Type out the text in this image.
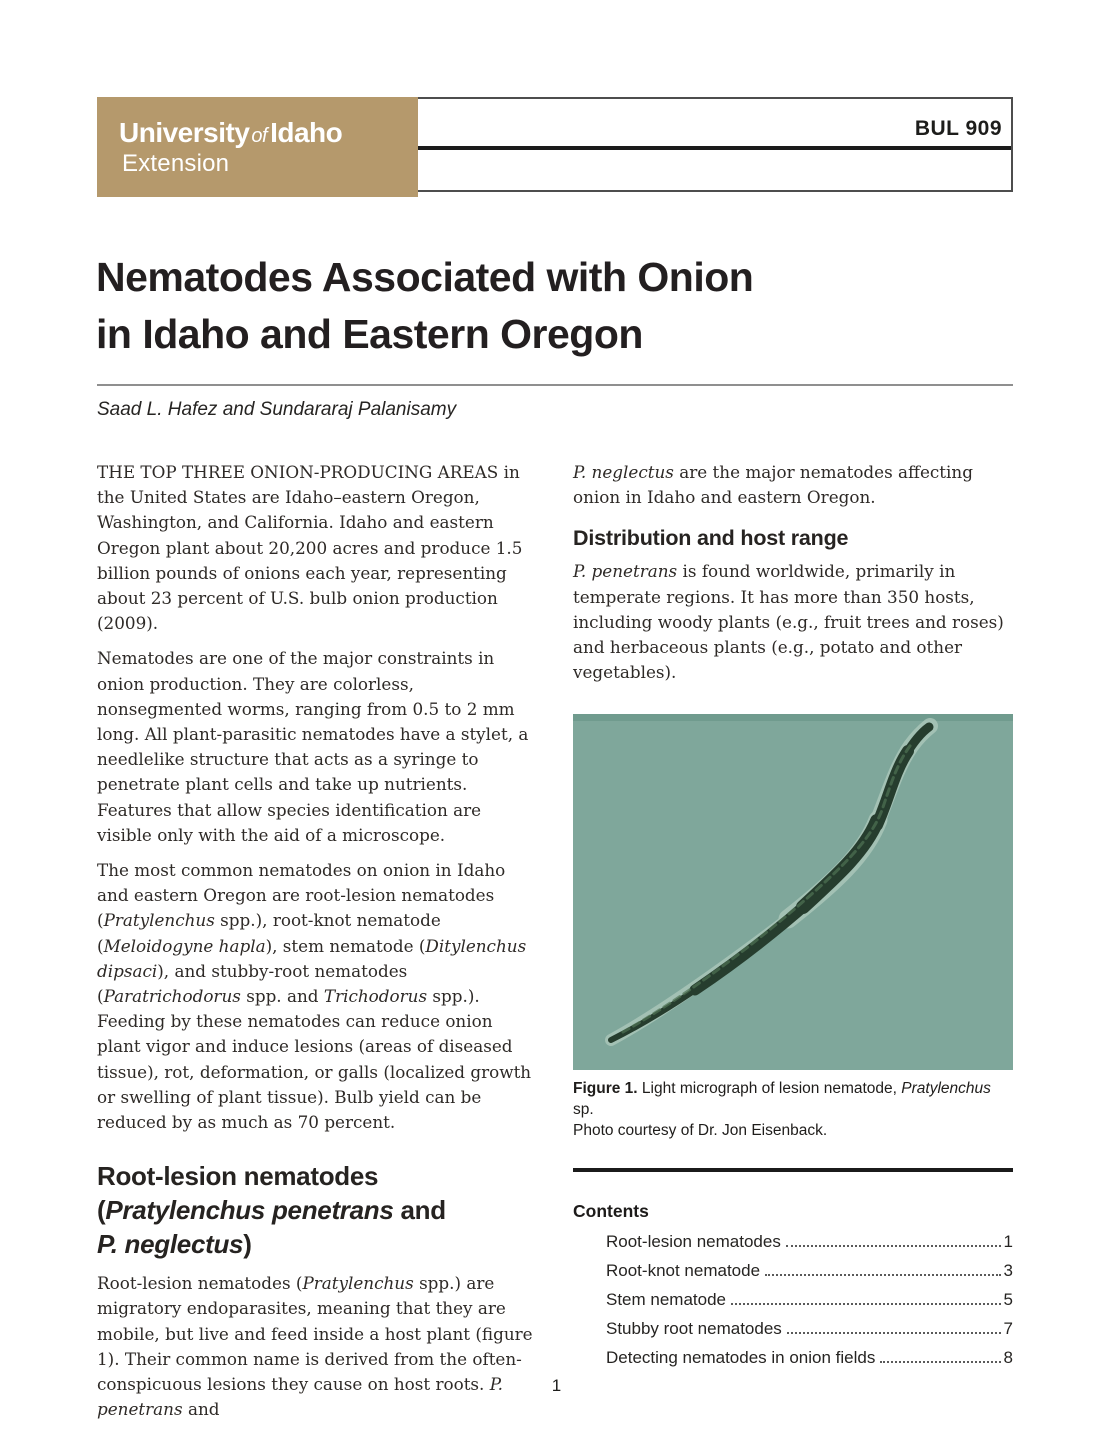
BUL 909
University of Idaho
Extension
Nematodes Associated with Onion
in Idaho and Eastern Oregon
Saad L. Hafez and Sundararaj Palanisamy

THE TOP THREE ONION-PRODUCING AREAS in the United States are Idaho–eastern Oregon, Washington, and California. Idaho and eastern Oregon plant about 20,200 acres and produce 1.5 billion pounds of onions each year, representing about 23 percent of U.S. bulb onion production (2009).

Nematodes are one of the major constraints in onion production. They are colorless, nonsegmented worms, ranging from 0.5 to 2 mm long. All plant-parasitic nematodes have a stylet, a needlelike structure that acts as a syringe to penetrate plant cells and take up nutrients. Features that allow species identification are visible only with the aid of a microscope.

The most common nematodes on onion in Idaho and eastern Oregon are root-lesion nematodes (Pratylenchus spp.), root-knot nematode (Meloidogyne hapla), stem nematode (Ditylenchus dipsaci), and stubby-root nematodes (Paratrichodorus spp. and Trichodorus spp.). Feeding by these nematodes can reduce onion plant vigor and induce lesions (areas of diseased tissue), rot, deformation, or galls (localized growth or swelling of plant tissue). Bulb yield can be reduced by as much as 70 percent.

Root-lesion nematodes
(Pratylenchus penetrans and
P. neglectus)

Root-lesion nematodes (Pratylenchus spp.) are migratory endoparasites, meaning that they are mobile, but live and feed inside a host plant (figure 1). Their common name is derived from the often-conspicuous lesions they cause on host roots. P. penetrans and

P. neglectus are the major nematodes affecting onion in Idaho and eastern Oregon.

Distribution and host range

P. penetrans is found worldwide, primarily in temperate regions. It has more than 350 hosts, including woody plants (e.g., fruit trees and roses) and herbaceous plants (e.g., potato and other vegetables).

Figure 1. Light micrograph of lesion nematode, Pratylenchus sp.
Photo courtesy of Dr. Jon Eisenback.
Contents
Root-lesion nematodes	1
Root-knot nematode	3
Stem nematode	5
Stubby root nematodes	7
Detecting nematodes in onion fields	8
1
